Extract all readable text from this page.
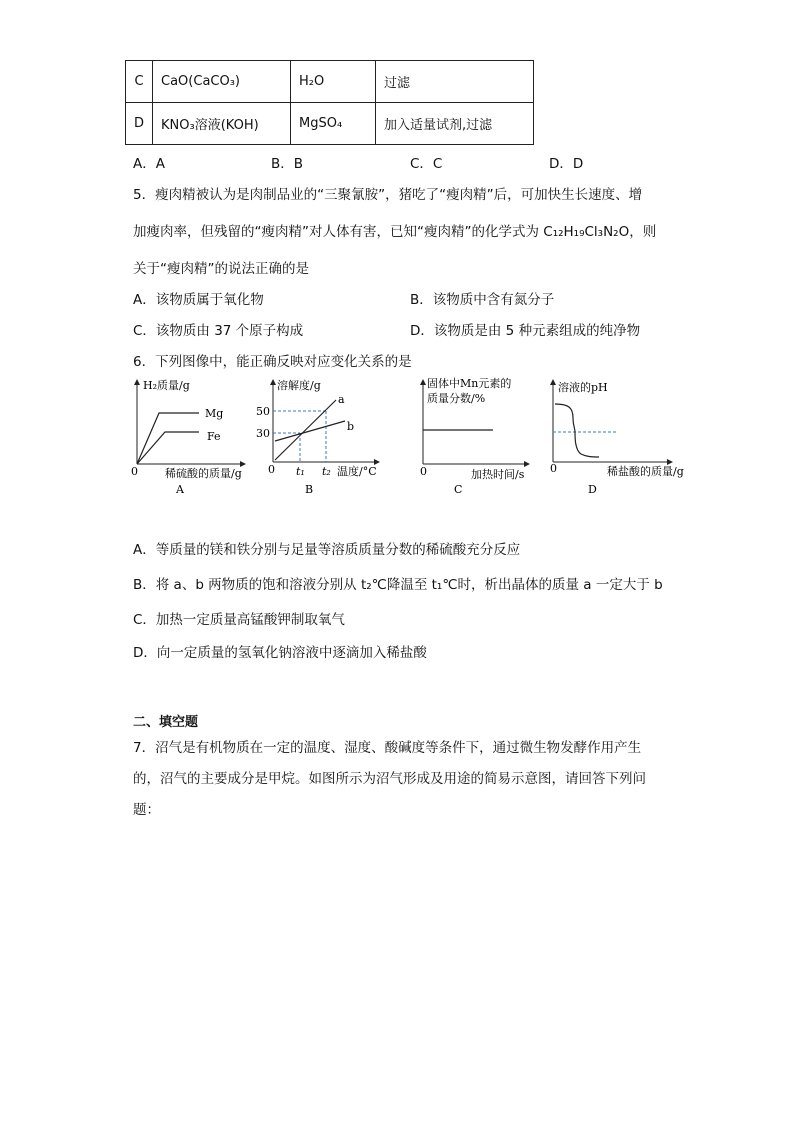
C	CaO(CaCO₃)	H₂O	过滤
D	KNO₃溶液(KOH)	MgSO₄	加入适量试剂,过滤
A．A	B．B	C．C	D．D
5．瘦肉精被认为是肉制品业的“三聚氰胺”，猪吃了“瘦肉精”后，可加快生长速度、增
加瘦肉率，但残留的“瘦肉精”对人体有害，已知“瘦肉精”的化学式为 C₁₂H₁₉Cl₃N₂O，则
关于“瘦肉精”的说法正确的是
A．该物质属于氧化物	B．该物质中含有氮分子
C．该物质由 37 个原子构成	D．该物质是由 5 种元素组成的纯净物
6．下列图像中，能正确反映对应变化关系的是
H₂质量/g
0 稀硫酸的质量/g
Mg
Fe
A
溶解度/g
50
30
0
a
b
t₁ t₂ 温度/°C
B
固体中Mn元素的
质量分数/%
0	加热时间/s
C
溶液的pH
0	稀盐酸的质量/g
D
A．等质量的镁和铁分别与足量等溶质质量分数的稀硫酸充分反应
B．将 a、b 两物质的饱和溶液分别从 t₂℃降温至 t₁℃时，析出晶体的质量 a 一定大于 b
C．加热一定质量高锰酸钾制取氧气
D．向一定质量的氢氧化钠溶液中逐滴加入稀盐酸
二、填空题
7．沼气是有机物质在一定的温度、湿度、酸碱度等条件下，通过微生物发酵作用产生
的，沼气的主要成分是甲烷。如图所示为沼气形成及用途的简易示意图，请回答下列问
题：
